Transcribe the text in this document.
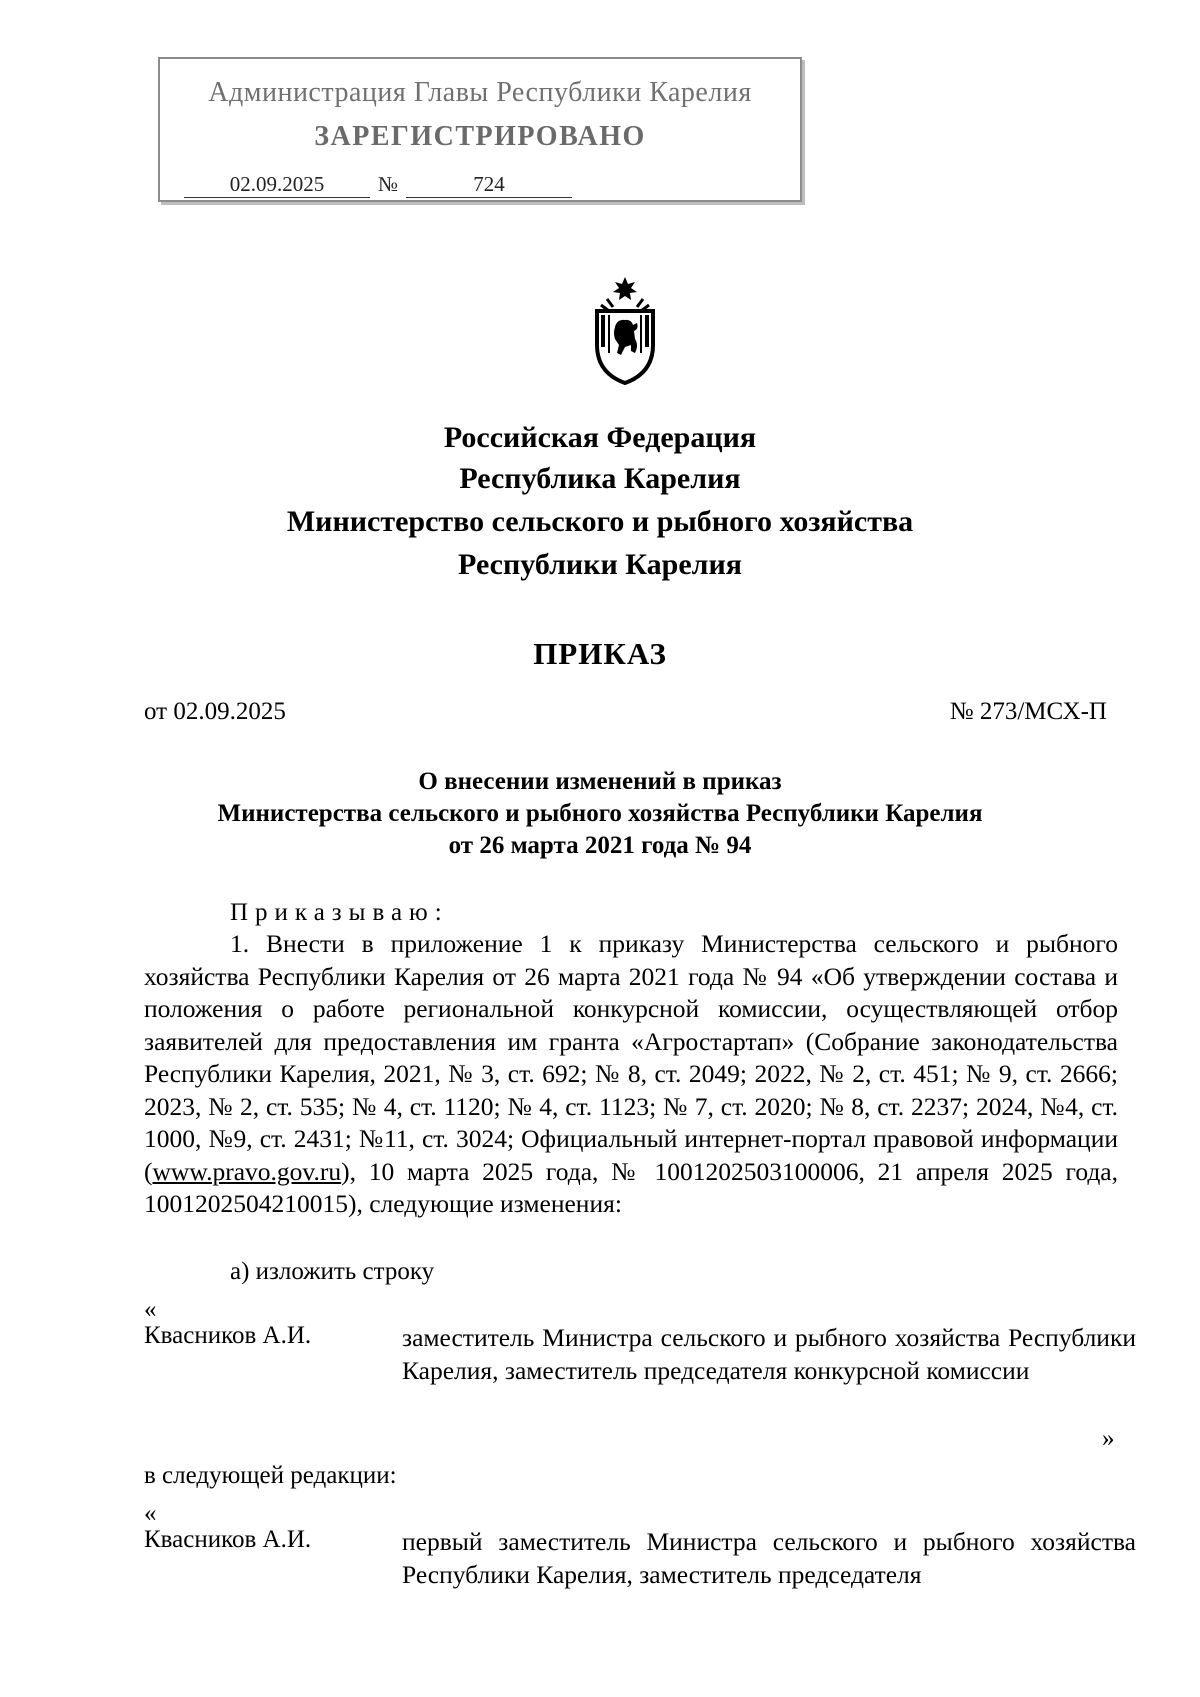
Администрация Главы Республики Карелия
ЗАРЕГИСТРИРОВАНО
02.09.2025	№	724
Российская Федерация
Республика Карелия
Министерство сельского и рыбного хозяйства
Республики Карелия
ПРИКАЗ
от 02.09.2025	№ 273/МСХ-П
О внесении изменений в приказ
Министерства сельского и рыбного хозяйства Республики Карелия
от 26 марта 2021 года № 94
Приказываю:

1. Внести в приложение 1 к приказу Министерства сельского и рыбного хозяйства Республики Карелия от 26 марта 2021 года № 94 «Об утверждении состава и положения о работе региональной конкурсной комиссии, осуществляющей отбор заявителей для предоставления им гранта «Агростартап» (Собрание законодательства Республики Карелия, 2021, № 3, ст. 692; № 8, ст. 2049; 2022, № 2, ст. 451; № 9, ст. 2666; 2023, № 2, ст. 535; № 4, ст. 1120; № 4, ст. 1123; № 7, ст. 2020; № 8, ст. 2237; 2024, №4, ст. 1000, №9, ст. 2431; №11, ст. 3024; Официальный интернет-портал правовой информации (www.pravo.gov.ru), 10 марта 2025 года, № 1001202503100006, 21 апреля 2025 года, 1001202504210015), следующие изменения:

а) изложить строку
«
Квасников А.И.	заместитель Министра сельского и рыбного хозяйства Республики Карелия, заместитель председателя конкурсной комиссии

»
в следующей редакции:
«
Квасников А.И.	первый заместитель Министра сельского и рыбного хозяйства Республики Карелия, заместитель председателя
